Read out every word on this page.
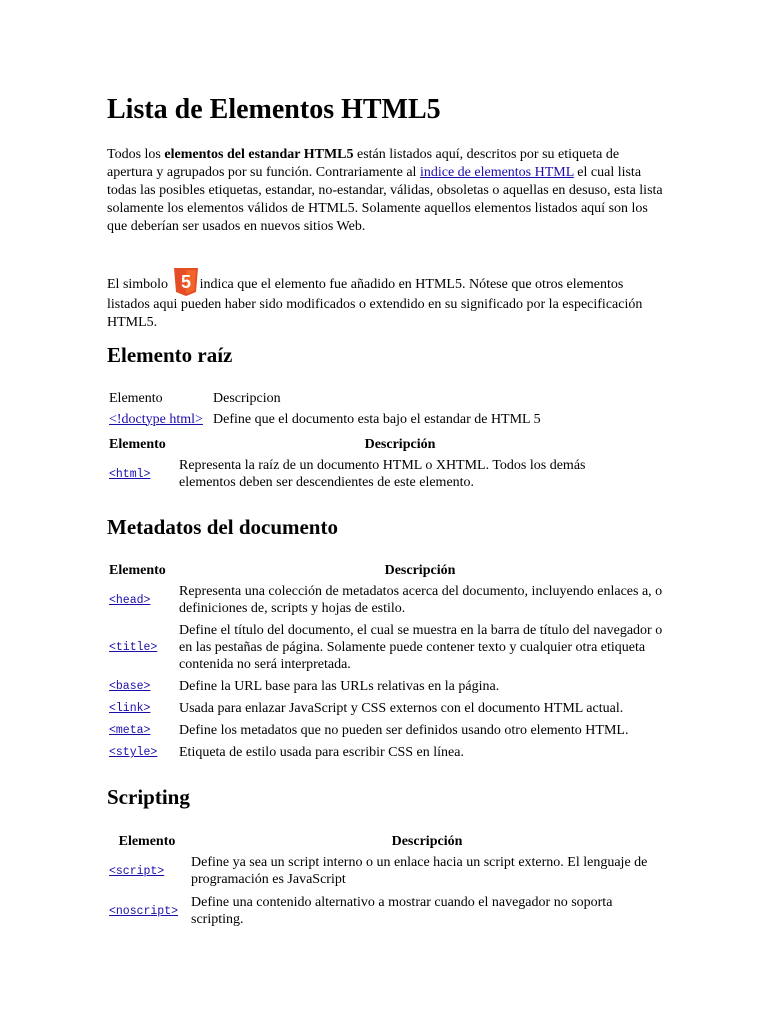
Lista de Elementos HTML5

Todos los elementos del estandar HTML5 están listados aquí, descritos por su etiqueta de apertura y agrupados por su función. Contrariamente al indice de elementos HTML el cual lista todas las posibles etiquetas, estandar, no-estandar, válidas, obsoletas o aquellas en desuso, esta lista solamente los elementos válidos de HTML5. Solamente aquellos elementos listados aquí son los que deberían ser usados en nuevos sitios Web.

El simbolo 5 indica que el elemento fue añadido en HTML5. Nótese que otros elementos listados aqui pueden haber sido modificados o extendido en su significado por la especificación HTML5.

Elemento raíz
Elemento	Descripcion
<!doctype html>	Define que el documento esta bajo el estandar de HTML 5
Elemento	Descripción
<html>	Representa la raíz de un documento HTML o XHTML. Todos los demás elementos deben ser descendientes de este elemento.
Metadatos del documento
Elemento	Descripción
<head>	Representa una colección de metadatos acerca del documento, incluyendo enlaces a, o definiciones de, scripts y hojas de estilo.
<title>	Define el título del documento, el cual se muestra en la barra de título del navegador o en las pestañas de página. Solamente puede contener texto y cualquier otra etiqueta contenida no será interpretada.
<base>	Define la URL base para las URLs relativas en la página.
<link>	Usada para enlazar JavaScript y CSS externos con el documento HTML actual.
<meta>	Define los metadatos que no pueden ser definidos usando otro elemento HTML.
<style>	Etiqueta de estilo usada para escribir CSS en línea.
Scripting
Elemento	Descripción
<script>	Define ya sea un script interno o un enlace hacia un script externo. El lenguaje de programación es JavaScript
<noscript>	Define una contenido alternativo a mostrar cuando el navegador no soporta scripting.
